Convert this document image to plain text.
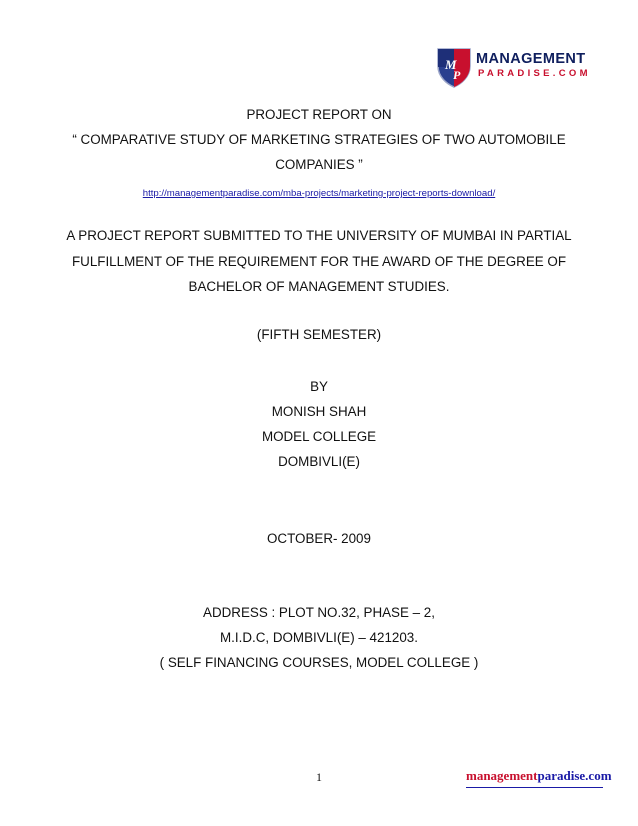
M
P
MANAGEMENT
PARADISE.COM
PROJECT REPORT ON
“ COMPARATIVE STUDY OF MARKETING STRATEGIES OF TWO AUTOMOBILE
COMPANIES ”
http://managementparadise.com/mba-projects/marketing-project-reports-download/
A PROJECT REPORT SUBMITTED TO THE UNIVERSITY OF MUMBAI IN PARTIAL
FULFILLMENT OF THE REQUIREMENT FOR THE AWARD OF THE DEGREE OF
BACHELOR OF MANAGEMENT STUDIES.
(FIFTH SEMESTER)
BY
MONISH SHAH
MODEL COLLEGE
DOMBIVLI(E)
OCTOBER- 2009
ADDRESS : PLOT NO.32, PHASE – 2,
M.I.D.C, DOMBIVLI(E) – 421203.
( SELF FINANCING COURSES, MODEL COLLEGE )
1	managementparadise.com
